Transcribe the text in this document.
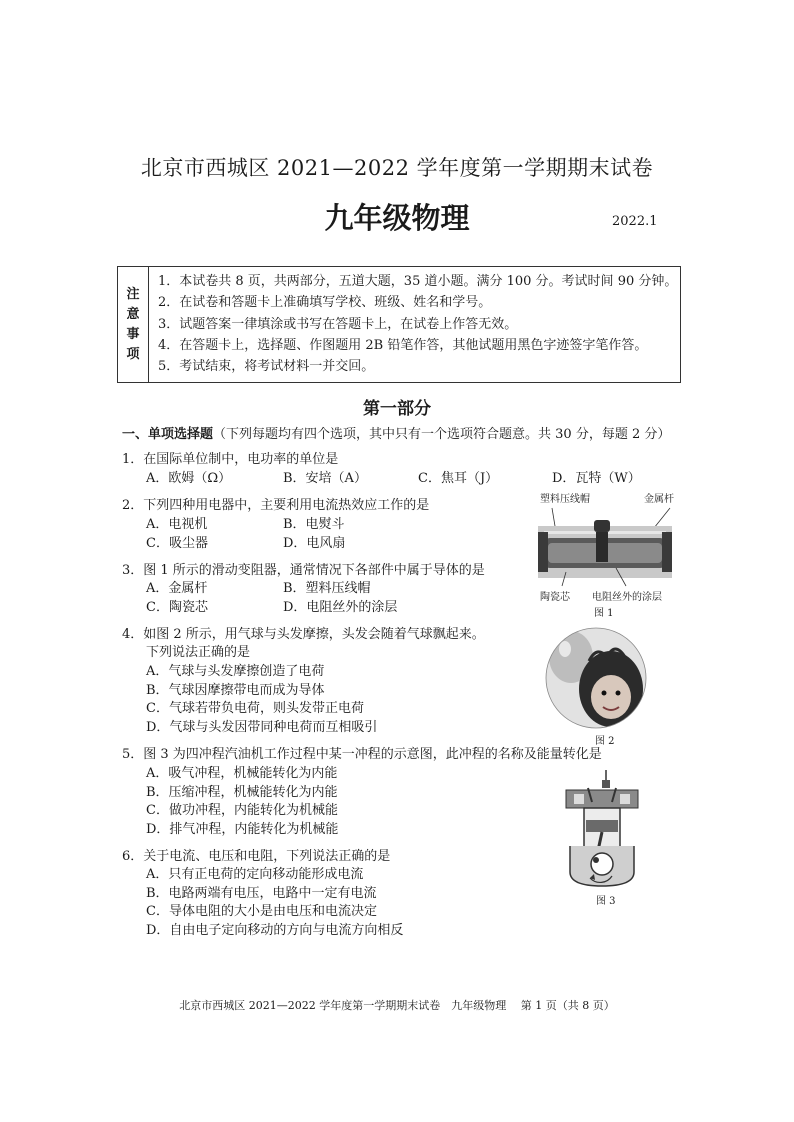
北京市西城区 2021—2022 学年度第一学期期末试卷
九年级物理	2022.1
注
意
事
项
1．本试卷共 8 页，共两部分，五道大题，35 道小题。满分 100 分。考试时间 90 分钟。
2．在试卷和答题卡上准确填写学校、班级、姓名和学号。
3．试题答案一律填涂或书写在答题卡上，在试卷上作答无效。
4．在答题卡上，选择题、作图题用 2B 铅笔作答，其他试题用黑色字迹签字笔作答。
5．考试结束，将考试材料一并交回。
第一部分
一、单项选择题（下列每题均有四个选项，其中只有一个选项符合题意。共 30 分，每题 2 分）
1．在国际单位制中，电功率的单位是
A．欧姆（Ω）	B．安培（A）	C．焦耳（J）	D．瓦特（W）
2．下列四种用电器中，主要利用电流热效应工作的是
A．电视机	B．电熨斗
C．吸尘器	D．电风扇
3．图 1 所示的滑动变阻器，通常情况下各部件中属于导体的是
A．金属杆	B．塑料压线帽
C．陶瓷芯	D．电阻丝外的涂层
4．如图 2 所示，用气球与头发摩擦，头发会随着气球飘起来。
下列说法正确的是
A．气球与头发摩擦创造了电荷
B．气球因摩擦带电而成为导体
C．气球若带负电荷，则头发带正电荷
D．气球与头发因带同种电荷而互相吸引
5．图 3 为四冲程汽油机工作过程中某一冲程的示意图，此冲程的名称及能量转化是
A．吸气冲程，机械能转化为内能
B．压缩冲程，机械能转化为内能
C．做功冲程，内能转化为机械能
D．排气冲程，内能转化为机械能
6．关于电流、电压和电阻，下列说法正确的是
A．只有正电荷的定向移动能形成电流
B．电路两端有电压，电路中一定有电流
C．导体电阻的大小是由电压和电流决定
D．自由电子定向移动的方向与电流方向相反
塑料压线帽	金属杆
陶瓷芯 电阻丝外的涂层
图 1
图 2
图 3
北京市西城区 2021—2022 学年度第一学期期末试卷　九年级物理　 第 1 页（共 8 页）
